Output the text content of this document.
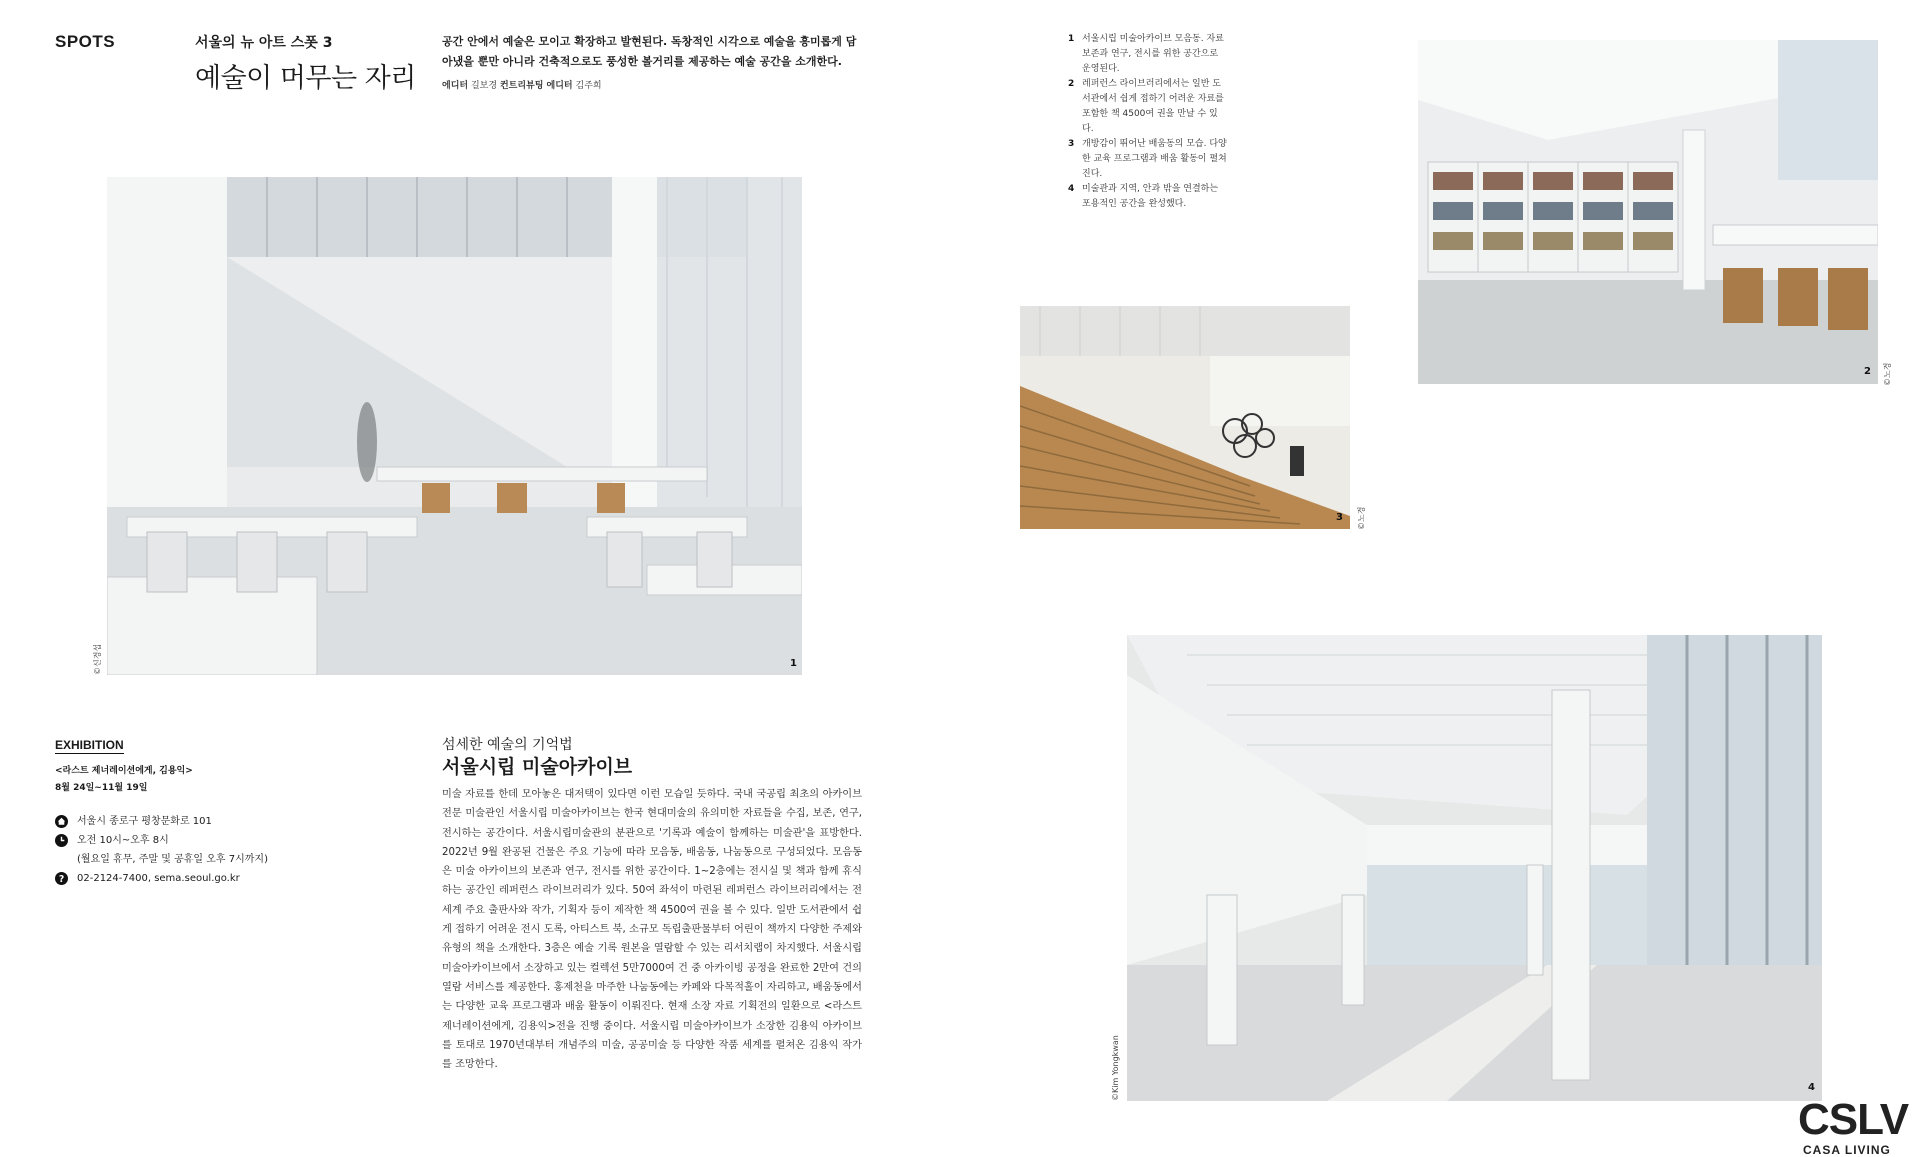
SPOTS	서울의 뉴 아트 스폿 3
예술이 머무는 자리
공간 안에서 예술은 모이고 확장하고 발현된다. 독창적인 시각으로 예술을 흥미롭게 담아냈을 뿐만 아니라 건축적으로도 풍성한 볼거리를 제공하는 예술 공간을 소개한다.
에디터 길보경 컨트리뷰팅 에디터 김주희
1 서울시립 미술아카이브 모음동. 자료 보존과 연구, 전시를 위한 공간으로 운영된다.
2 레퍼런스 라이브러리에서는 일반 도서관에서 쉽게 접하기 어려운 자료를 포함한 책 4500여 권을 만날 수 있다.
3 개방감이 뛰어난 배움동의 모습. 다양한 교육 프로그램과 배움 활동이 펼쳐진다.
4 미술관과 지역, 안과 밖을 연결하는 포용적인 공간을 완성했다.
1
©신경섭
2 ©노경
3 ©노경
4
©Kim Yongkwan
EXHIBITION
<라스트 제너레이션에게, 김용익>
8월 24일~11월 19일
서울시 종로구 평창문화로 101
오전 10시~오후 8시
(월요일 휴무, 주말 및 공휴일 오후 7시까지)
? 02-2124-7400, sema.seoul.go.kr
섬세한 예술의 기억법
서울시립 미술아카이브
미술 자료를 한데 모아놓은 대저택이 있다면 이런 모습일 듯하다. 국내 국공립 최초의 아카이브 전문 미술관인 서울시립 미술아카이브는 한국 현대미술의 유의미한 자료들을 수집, 보존, 연구, 전시하는 공간이다. 서울시립미술관의 분관으로 '기록과 예술이 함께하는 미술관'을 표방한다. 2022년 9월 완공된 건물은 주요 기능에 따라 모음동, 배움동, 나눔동으로 구성되었다. 모음동은 미술 아카이브의 보존과 연구, 전시를 위한 공간이다. 1~2층에는 전시실 및 책과 함께 휴식하는 공간인 레퍼런스 라이브러리가 있다. 50여 좌석이 마련된 레퍼런스 라이브러리에서는 전 세계 주요 출판사와 작가, 기획자 등이 제작한 책 4500여 권을 볼 수 있다. 일반 도서관에서 쉽게 접하기 어려운 전시 도록, 아티스트 북, 소규모 독립출판물부터 어린이 책까지 다양한 주제와 유형의 책을 소개한다. 3층은 예술 기록 원본을 열람할 수 있는 리서치랩이 차지했다. 서울시립 미술아카이브에서 소장하고 있는 컬렉션 5만7000여 건 중 아카이빙 공정을 완료한 2만여 건의 열람 서비스를 제공한다. 홍제천을 마주한 나눔동에는 카페와 다목적홀이 자리하고, 배움동에서는 다양한 교육 프로그램과 배움 활동이 이뤄진다. 현재 소장 자료 기획전의 일환으로 <라스트 제너레이션에게, 김용익>전을 진행 중이다. 서울시립 미술아카이브가 소장한 김용익 아카이브를 토대로 1970년대부터 개념주의 미술, 공공미술 등 다양한 작품 세계를 펼쳐온 김용익 작가를 조망한다.
CSLV
CASA LIVING
